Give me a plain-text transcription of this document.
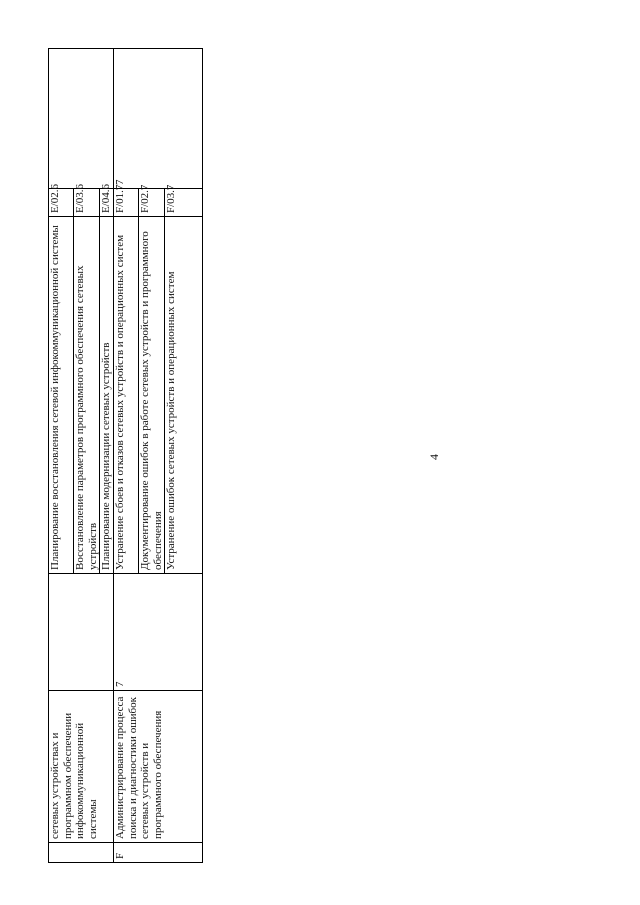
4
	сетевых устройствах и программном обеспечении инфокоммуникационной системы		Планирование восстановления сетевой инфокоммуникационной системы	E/02.6	
			Восстановление параметров программного обеспечения сетевых устройств	E/03.6	
			Планирование модернизации сетевых устройств	E/04.6	
F	Администрирование процесса поиска и диагностики ошибок сетевых устройств и программного обеспечения	7	Устранение сбоев и отказов сетевых устройств и операционных систем	F/01.7	7
			Документирование ошибок в работе сетевых устройств и программного обеспечения	F/02.7	
			Устранение ошибок сетевых устройств и операционных систем	F/03.7	
